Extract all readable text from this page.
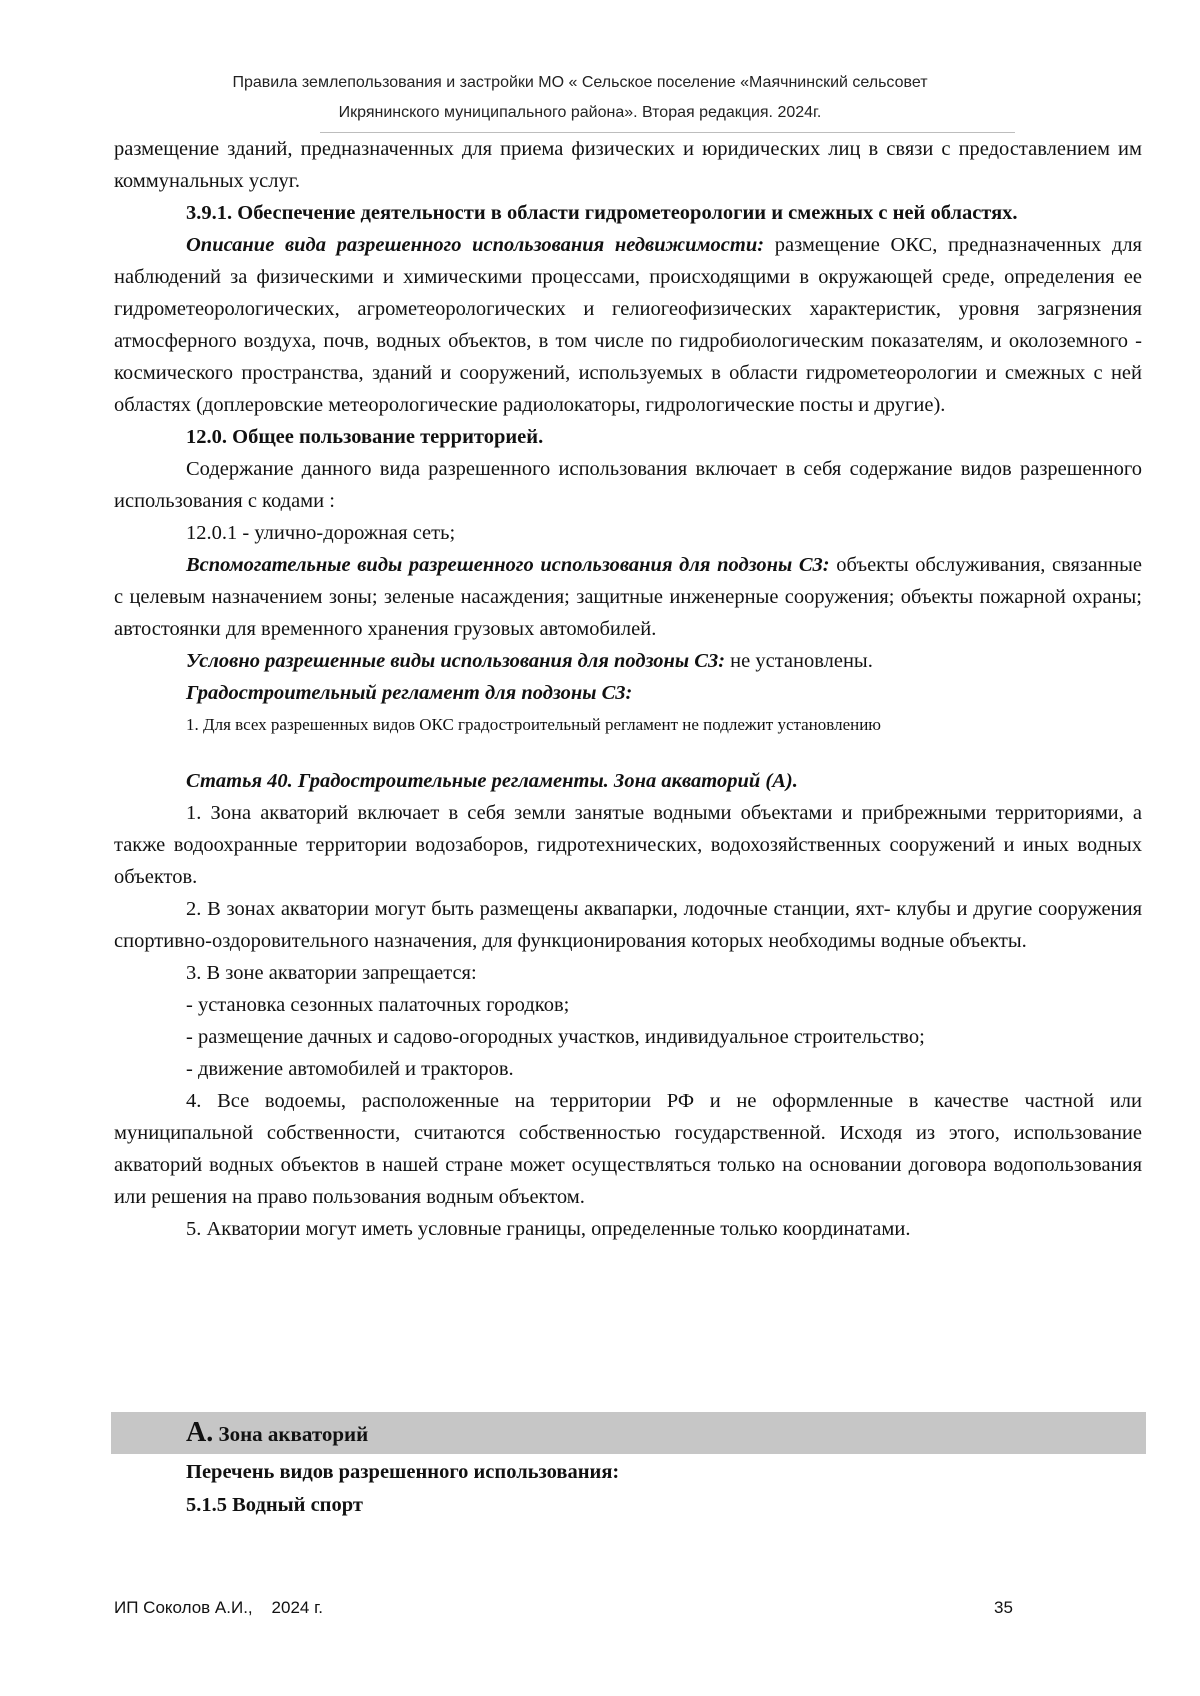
Правила землепользования и застройки МО « Сельское поселение «Маячнинский сельсовет
Икрянинского муниципального района». Вторая редакция. 2024г.

размещение зданий, предназначенных для приема физических и юридических лиц в связи с предоставлением им коммунальных услуг.

3.9.1. Обеспечение деятельности в области гидрометеорологии и смежных с ней областях.

Описание вида разрешенного использования недвижимости: размещение ОКС, предназначенных для наблюдений за физическими и химическими процессами, происходящими в окружающей среде, определения ее гидрометеорологических, агрометеорологических и гелиогеофизических характеристик, уровня загрязнения атмосферного воздуха, почв, водных объектов, в том числе по гидробиологическим показателям, и околоземного - космического пространства, зданий и сооружений, используемых в области гидрометеорологии и смежных с ней областях (доплеровские метеорологические радиолокаторы, гидрологические посты и другие).

12.0. Общее пользование территорией.

Содержание данного вида разрешенного использования включает в себя содержание видов разрешенного использования с кодами :

12.0.1 - улично-дорожная сеть;

Вспомогательные виды разрешенного использования для подзоны С3: объекты обслуживания, связанные с целевым назначением зоны; зеленые насаждения; защитные инженерные сооружения; объекты пожарной охраны; автостоянки для временного хранения грузовых автомобилей.

Условно разрешенные виды использования для подзоны С3: не установлены.

Градостроительный регламент для подзоны С3:

1. Для всех разрешенных видов ОКС градостроительный регламент не подлежит установлению

Статья 40. Градостроительные регламенты. Зона акваторий (А).

1. Зона акваторий включает в себя земли занятые водными объектами и прибрежными территориями, а также водоохранные территории водозаборов, гидротехнических, водохозяйственных сооружений и иных водных объектов.

2. В зонах акватории могут быть размещены аквапарки, лодочные станции, яхт- клубы и другие сооружения спортивно-оздоровительного назначения, для функционирования которых необходимы водные объекты.

3. В зоне акватории запрещается:

- установка сезонных палаточных городков;

- размещение дачных и садово-огородных участков, индивидуальное строительство;

- движение автомобилей и тракторов.

4. Все водоемы, расположенные на территории РФ и не оформленные в качестве частной или муниципальной собственности, считаются собственностью государственной. Исходя из этого, использование акваторий водных объектов в нашей стране может осуществляться только на основании договора водопользования или решения на право пользования водным объектом.

5. Акватории могут иметь условные границы, определенные только координатами.

А. Зона акваторий

Перечень видов разрешенного использования:

5.1.5 Водный спорт

ИП Соколов А.И.,    2024 г.	35
